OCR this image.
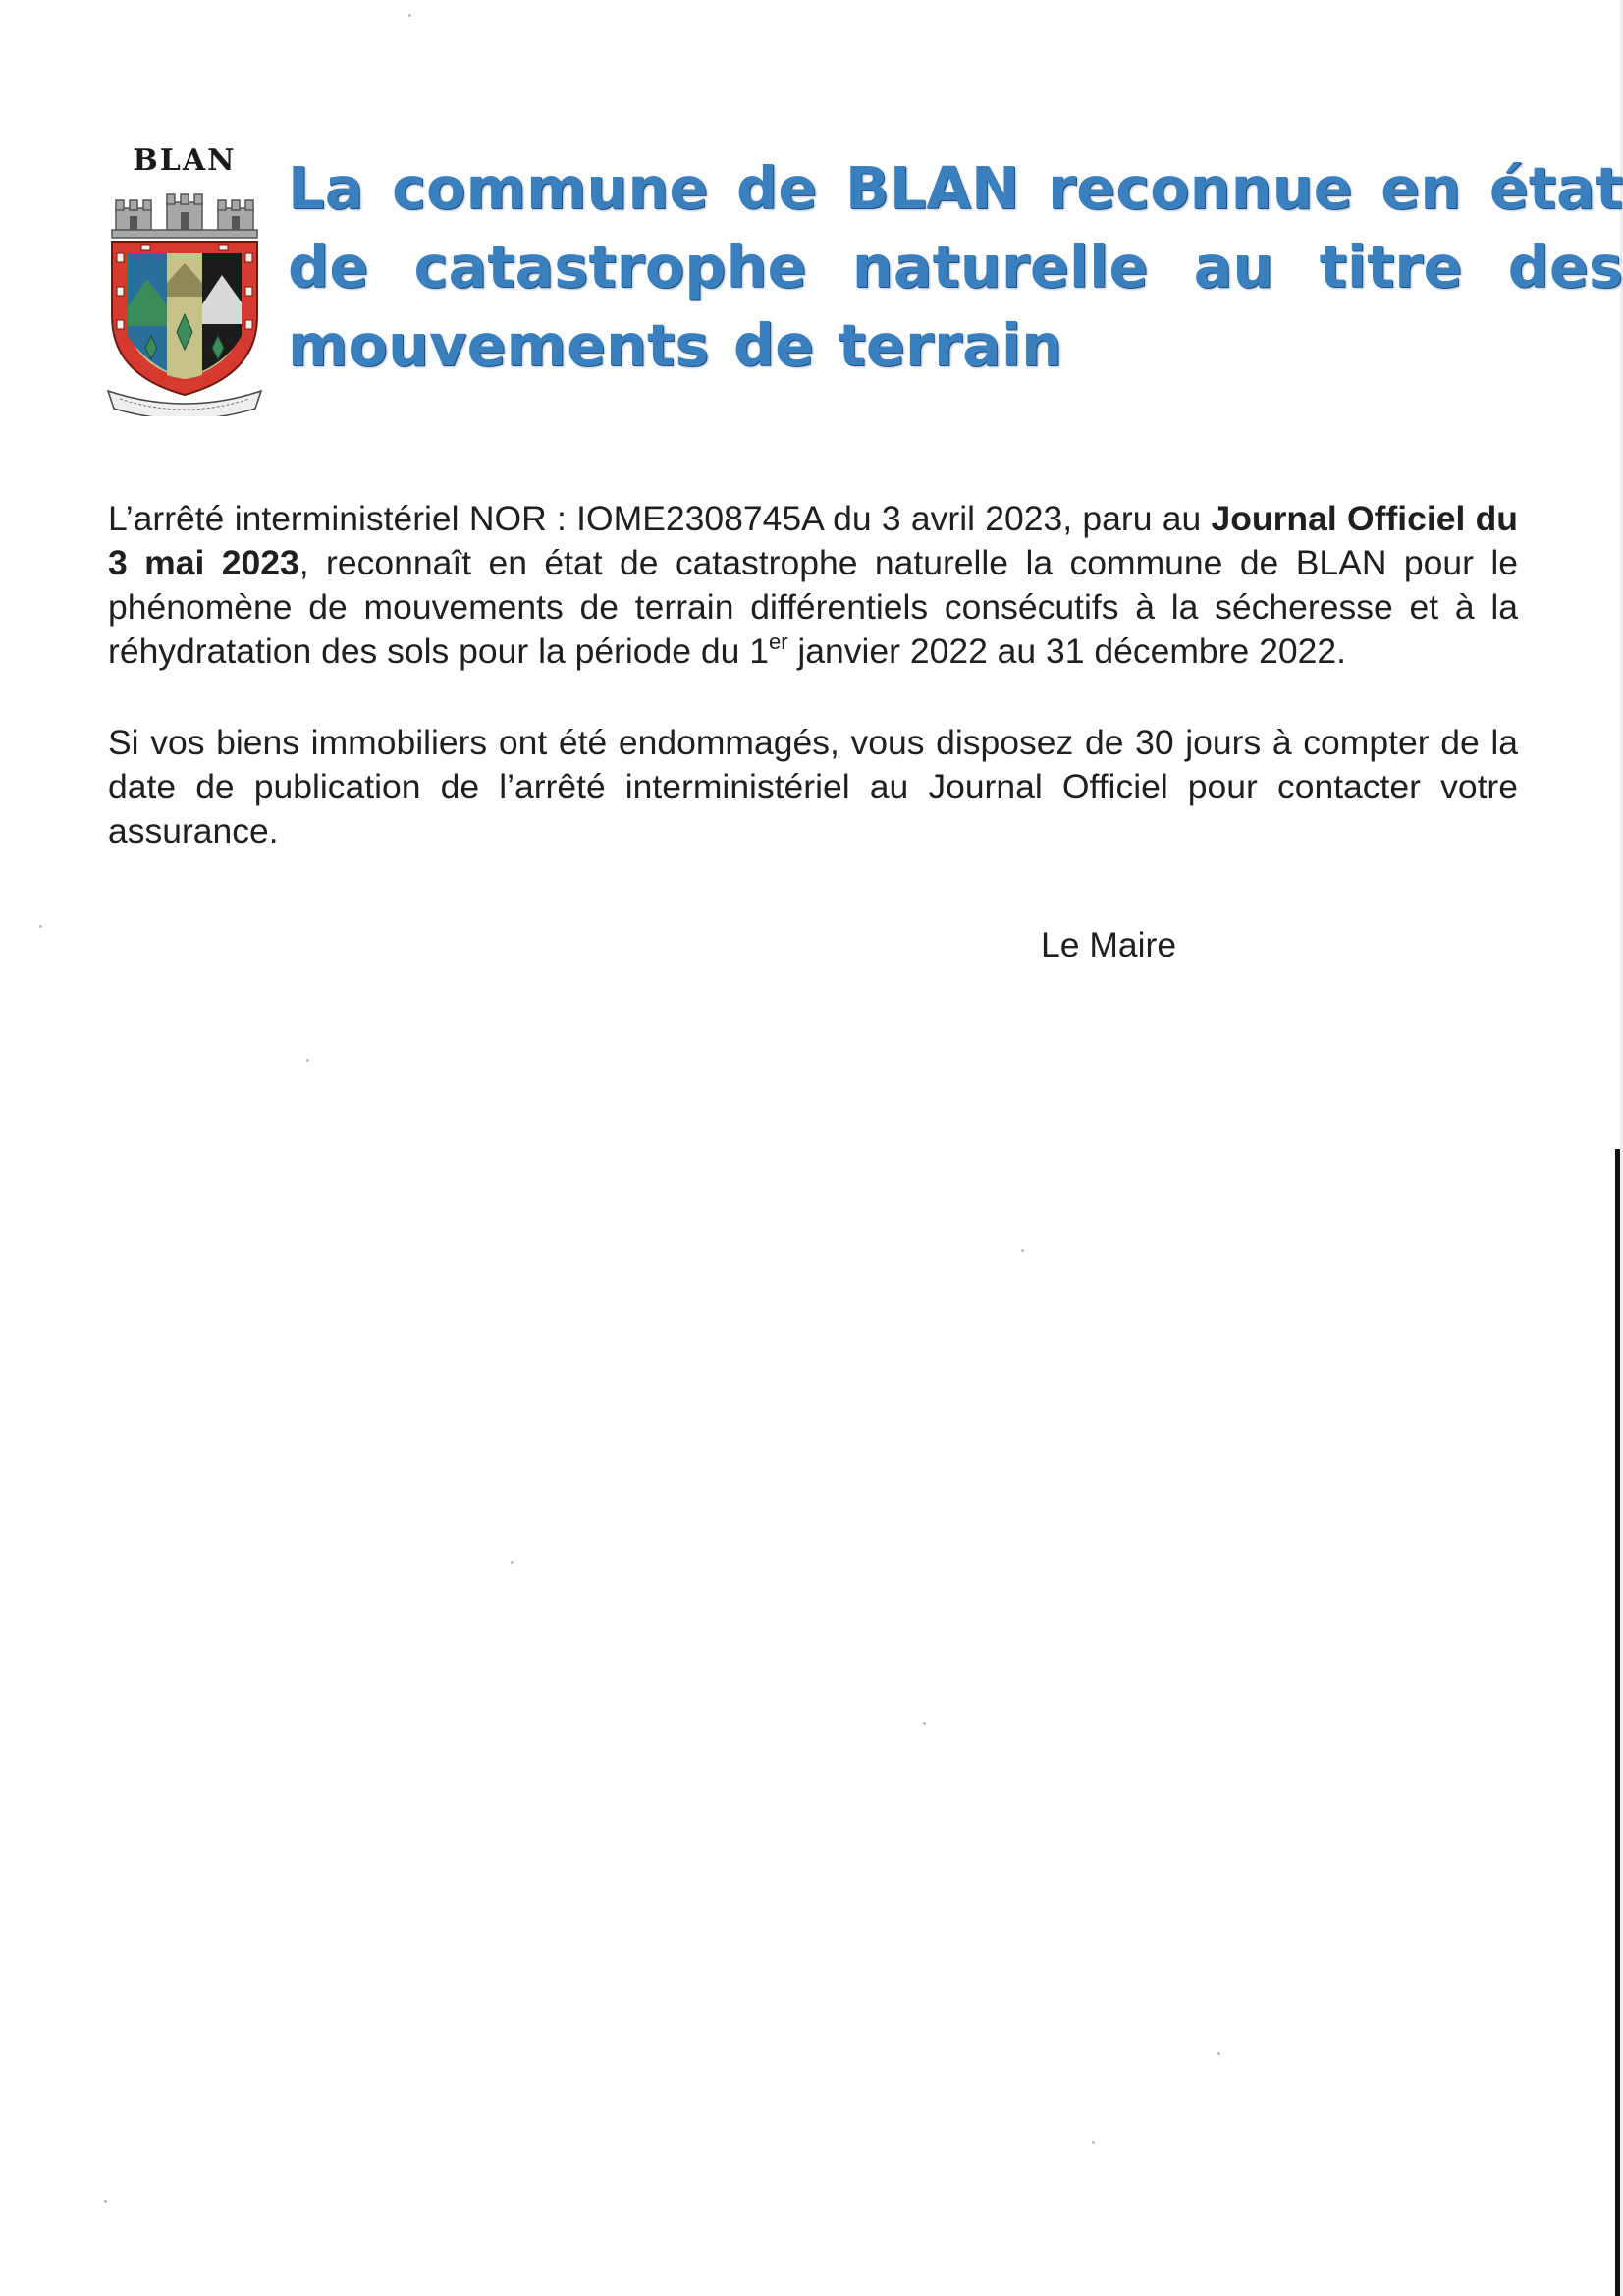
BLAN La commune de BLAN reconnue en état de catastrophe naturelle au titre des mouvements de terrain

L’arrêté interministériel NOR : IOME2308745A du 3 avril 2023, paru au Journal Officiel du 3 mai 2023, reconnaît en état de catastrophe naturelle la commune de BLAN pour le phénomène de mouvements de terrain différentiels consécutifs à la sécheresse et à la réhydratation des sols pour la période du 1er janvier 2022 au 31 décembre 2022.

Si vos biens immobiliers ont été endommagés, vous disposez de 30 jours à compter de la date de publication de l’arrêté interministériel au Journal Officiel pour contacter votre assurance.

Le Maire
